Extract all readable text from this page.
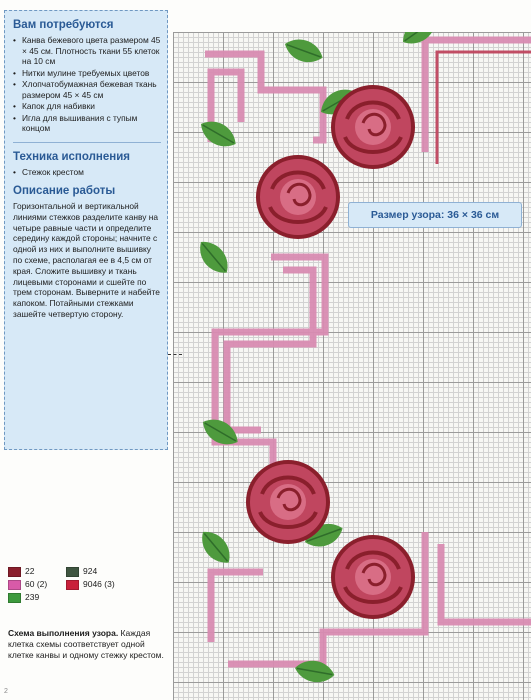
Вам потребуются
• Канва бежевого цвета размером 45 × 45 см. Плотность ткани 55 клеток на 10 см
• Нитки мулине требуемых цветов
• Хлопчатобумажная бежевая ткань размером 45 × 45 см
• Капок для набивки
• Игла для вышивания с тупым концом
Техника исполнения
• Стежок крестом
Описание работы

Горизонтальной и вертикальной линиями стежков разделите канву на четыре равные части и определите середину каждой стороны; начните с одной из них и выполните вышивку по схеме, располагая ее в 4,5 см от края. Сложите вышивку и ткань лицевыми сторонами и сшейте по трем сторонам. Выверните и набейте капоком. Потайными стежками зашейте четвертую сторону.

Размер узора: 36 × 36 см
22
60 (2)
239
924
9046 (3)
Схема выполнения узора. Каждая клетка схемы соответствует одной клетке канвы и одному стежку крестом.
2
